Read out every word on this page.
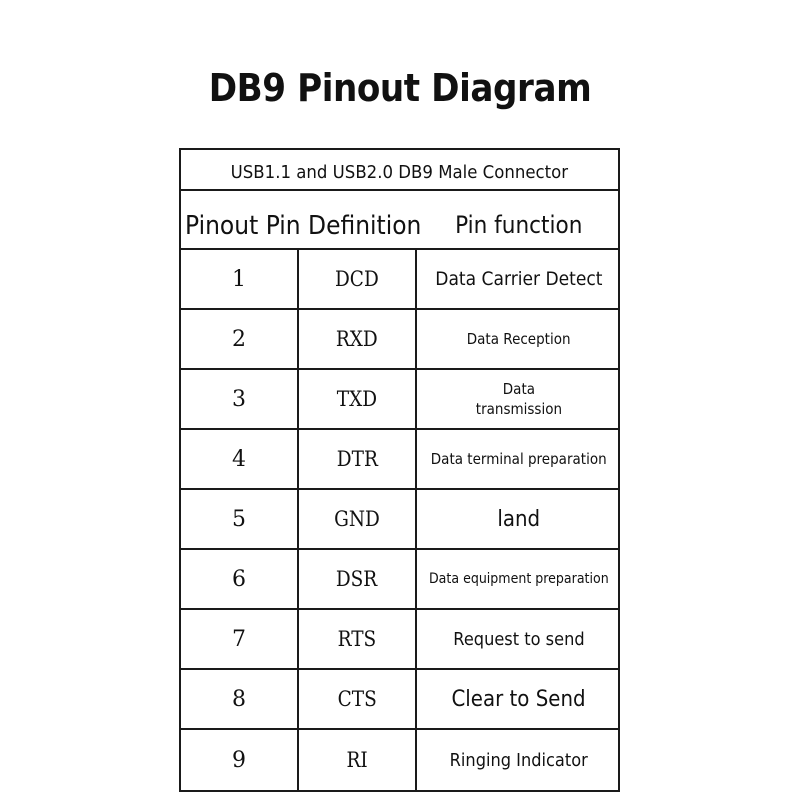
DB9 Pinout Diagram
USB1.1 and USB2.0 DB9 Male Connector
Pinout Pin Definition	Pin function
1	DCD	Data Carrier Detect
2	RXD	Data Reception
3	TXD	Data
transmission
4	DTR	Data terminal preparation
5	GND	land
6	DSR	Data equipment preparation
7	RTS	Request to send
8	CTS	Clear to Send
9	RI	Ringing Indicator
